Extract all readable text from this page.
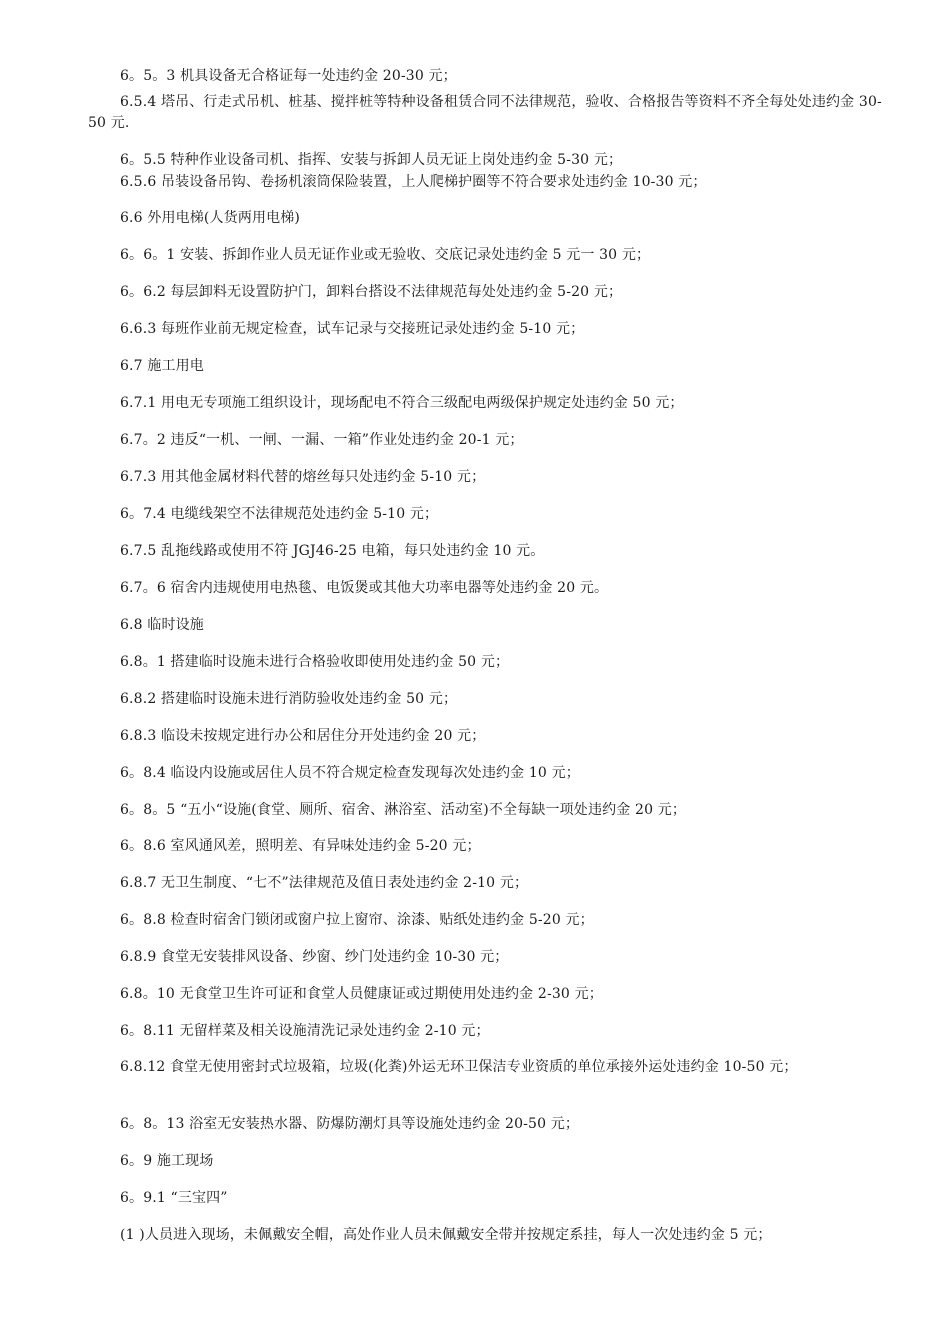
6。5。3 机具设备无合格证每一处违约金 20-30 元；
6.5.4 塔吊、行走式吊机、桩基、搅拌桩等特种设备租赁合同不法律规范，验收、合格报告等资料不齐全每处处违约金 30-50 元.
6。5.5 特种作业设备司机、指挥、安装与拆卸人员无证上岗处违约金 5-30 元；
6.5.6 吊装设备吊钩、卷扬机滚筒保险装置，上人爬梯护圈等不符合要求处违约金 10-30 元；
6.6 外用电梯(人货两用电梯)
6。6。1 安装、拆卸作业人员无证作业或无验收、交底记录处违约金 5 元一 30 元；
6。6.2 每层卸料无设置防护门，卸料台搭设不法律规范每处处违约金 5-20 元；
6.6.3 每班作业前无规定检查，试车记录与交接班记录处违约金 5-10 元；
6.7 施工用电
6.7.1 用电无专项施工组织设计，现场配电不符合三级配电两级保护规定处违约金 50 元；
6.7。2 违反“一机、一闸、一漏、一箱”作业处违约金 20-1 元；
6.7.3 用其他金属材料代替的熔丝每只处违约金 5-10 元；
6。7.4 电缆线架空不法律规范处违约金 5-10 元；
6.7.5 乱拖线路或使用不符 JGJ46-25 电箱，每只处违约金 10 元。
6.7。6 宿舍内违规使用电热毯、电饭煲或其他大功率电器等处违约金 20 元。
6.8 临时设施
6.8。1 搭建临时设施未进行合格验收即使用处违约金 50 元；
6.8.2 搭建临时设施未进行消防验收处违约金 50 元；
6.8.3 临设未按规定进行办公和居住分开处违约金 20 元；
6。8.4 临设内设施或居住人员不符合规定检查发现每次处违约金 10 元；
6。8。5 “五小“设施(食堂、厕所、宿舍、淋浴室、活动室)不全每缺一项处违约金 20 元；
6。8.6 室风通风差，照明差、有异味处违约金 5-20 元；
6.8.7 无卫生制度、“七不”法律规范及值日表处违约金 2-10 元；
6。8.8 检查时宿舍门锁闭或窗户拉上窗帘、涂漆、贴纸处违约金 5-20 元；
6.8.9 食堂无安装排风设备、纱窗、纱门处违约金 10-30 元；
6.8。10 无食堂卫生许可证和食堂人员健康证或过期使用处违约金 2-30 元；
6。8.11 无留样菜及相关设施清洗记录处违约金 2-10 元；
6.8.12 食堂无使用密封式垃圾箱，垃圾(化粪)外运无环卫保洁专业资质的单位承接外运处违约金 10-50 元；
6。8。13 浴室无安装热水器、防爆防潮灯具等设施处违约金 20-50 元；
6。9 施工现场
6。9.1 “三宝四”
(1 )人员进入现场，未佩戴安全帽，高处作业人员未佩戴安全带并按规定系挂，每人一次处违约金 5 元；
